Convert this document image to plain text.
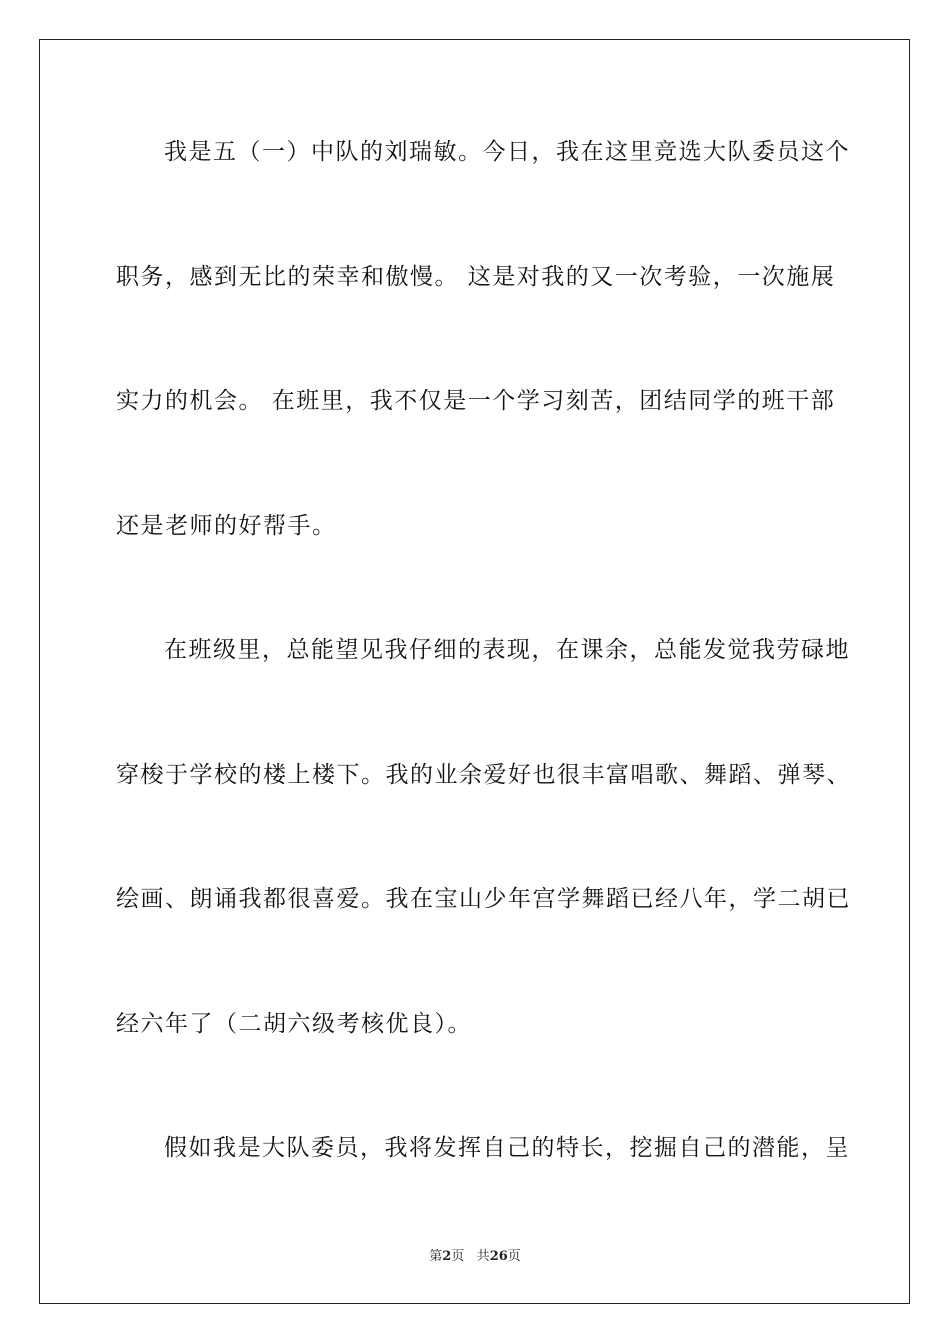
我是五（一）中队的刘瑞敏。今日，我在这里竞选大队委员这个
职务，感到无比的荣幸和傲慢。 这是对我的又一次考验，一次施展
实力的机会。 在班里，我不仅是一个学习刻苦，团结同学的班干部
还是老师的好帮手。
在班级里，总能望见我仔细的表现，在课余，总能发觉我劳碌地
穿梭于学校的楼上楼下。我的业余爱好也很丰富唱歌、舞蹈、弹琴、
绘画、朗诵我都很喜爱。我在宝山少年宫学舞蹈已经八年，学二胡已
经六年了（二胡六级考核优良）。
假如我是大队委员，我将发挥自己的特长，挖掘自己的潜能，呈
第2页 共26页
